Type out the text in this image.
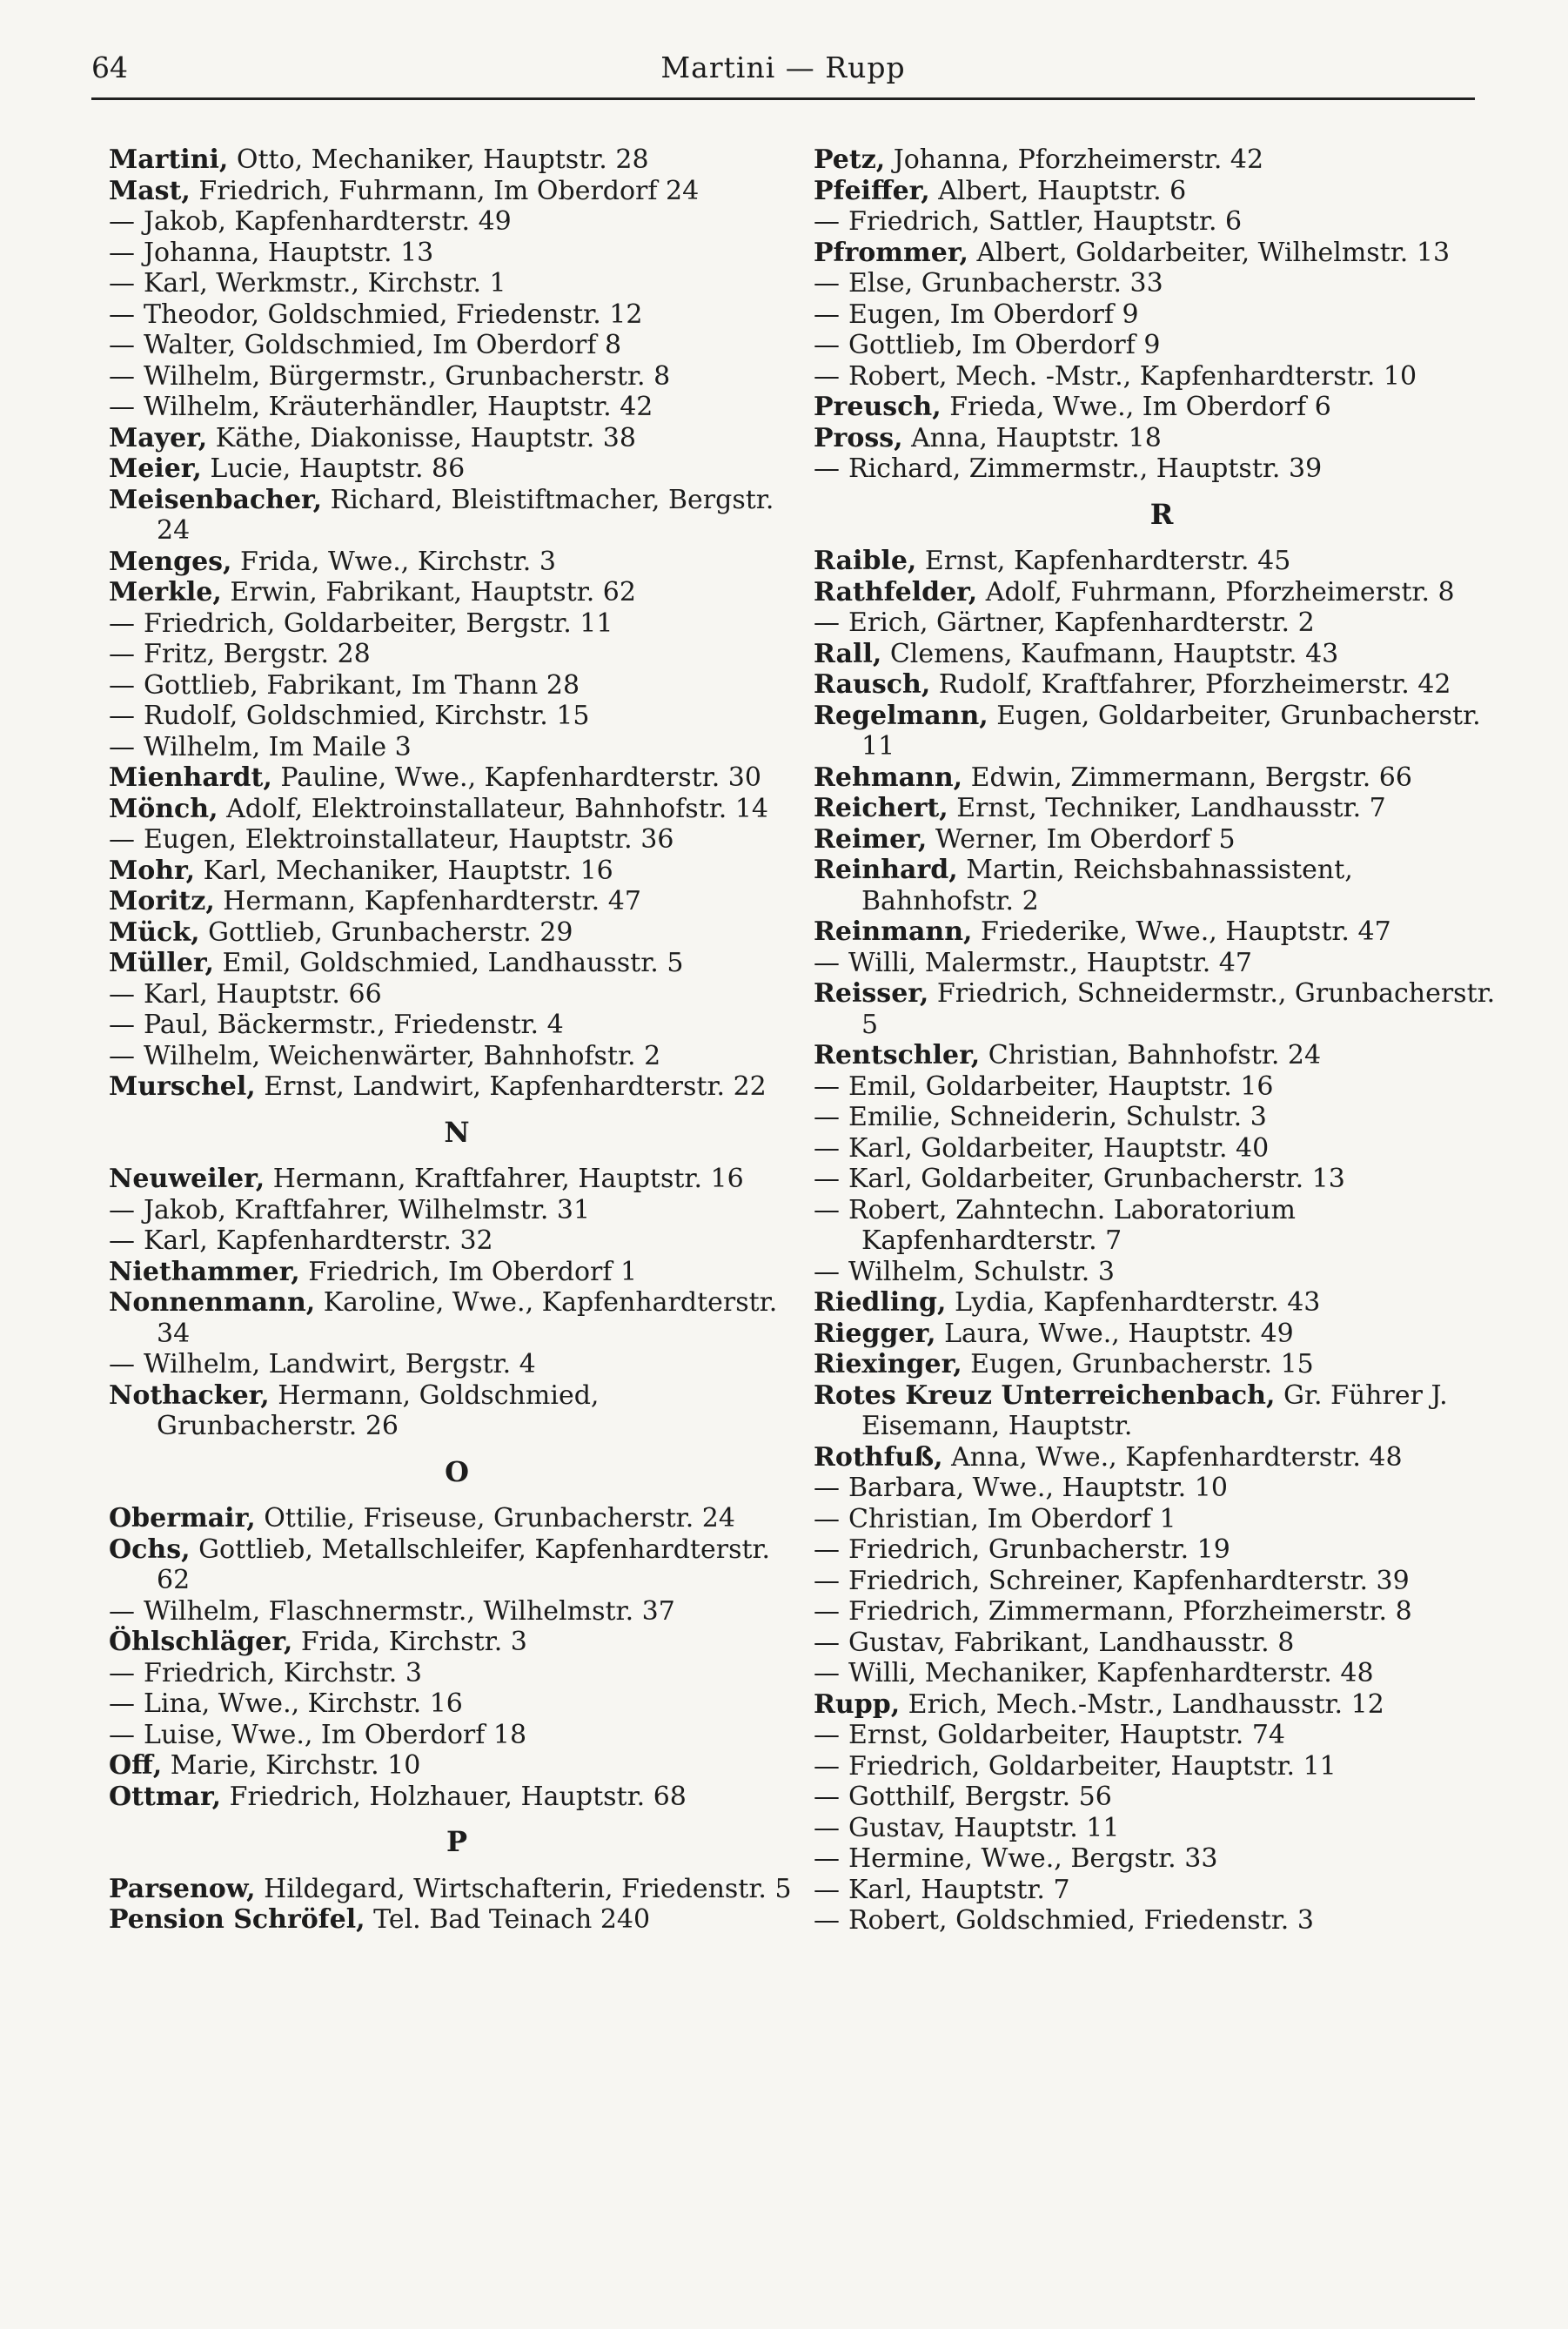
64	Martini — Rupp
Martini, Otto, Mechaniker, Hauptstr. 28
Mast, Friedrich, Fuhrmann, Im Oberdorf 24
— Jakob, Kapfenhardterstr. 49
— Johanna, Hauptstr. 13
— Karl, Werkmstr., Kirchstr. 1
— Theodor, Goldschmied, Friedenstr. 12
— Walter, Goldschmied, Im Oberdorf 8
— Wilhelm, Bürgermstr., Grunbacherstr. 8
— Wilhelm, Kräuterhändler, Hauptstr. 42
Mayer, Käthe, Diakonisse, Hauptstr. 38
Meier, Lucie, Hauptstr. 86
Meisenbacher, Richard, Bleistiftmacher, Bergstr. 24
Menges, Frida, Wwe., Kirchstr. 3
Merkle, Erwin, Fabrikant, Hauptstr. 62
— Friedrich, Goldarbeiter, Bergstr. 11
— Fritz, Bergstr. 28
— Gottlieb, Fabrikant, Im Thann 28
— Rudolf, Goldschmied, Kirchstr. 15
— Wilhelm, Im Maile 3
Mienhardt, Pauline, Wwe., Kapfenhardterstr. 30
Mönch, Adolf, Elektroinstallateur, Bahnhofstr. 14
— Eugen, Elektroinstallateur, Hauptstr. 36
Mohr, Karl, Mechaniker, Hauptstr. 16
Moritz, Hermann, Kapfenhardterstr. 47
Mück, Gottlieb, Grunbacherstr. 29
Müller, Emil, Goldschmied, Landhausstr. 5
— Karl, Hauptstr. 66
— Paul, Bäckermstr., Friedenstr. 4
— Wilhelm, Weichenwärter, Bahnhofstr. 2
Murschel, Ernst, Landwirt, Kapfenhardterstr. 22
N
Neuweiler, Hermann, Kraftfahrer, Hauptstr. 16
— Jakob, Kraftfahrer, Wilhelmstr. 31
— Karl, Kapfenhardterstr. 32
Niethammer, Friedrich, Im Oberdorf 1
Nonnenmann, Karoline, Wwe., Kapfenhardterstr. 34
— Wilhelm, Landwirt, Bergstr. 4
Nothacker, Hermann, Goldschmied, Grunbacherstr. 26
O
Obermair, Ottilie, Friseuse, Grunbacherstr. 24
Ochs, Gottlieb, Metallschleifer, Kapfenhardterstr. 62
— Wilhelm, Flaschnermstr., Wilhelmstr. 37
Öhlschläger, Frida, Kirchstr. 3
— Friedrich, Kirchstr. 3
— Lina, Wwe., Kirchstr. 16
— Luise, Wwe., Im Oberdorf 18
Off, Marie, Kirchstr. 10
Ottmar, Friedrich, Holzhauer, Hauptstr. 68
P
Parsenow, Hildegard, Wirtschafterin, Friedenstr. 5
Pension Schröfel, Tel. Bad Teinach 240
Petz, Johanna, Pforzheimerstr. 42
Pfeiffer, Albert, Hauptstr. 6
— Friedrich, Sattler, Hauptstr. 6
Pfrommer, Albert, Goldarbeiter, Wilhelmstr. 13
— Else, Grunbacherstr. 33
— Eugen, Im Oberdorf 9
— Gottlieb, Im Oberdorf 9
— Robert, Mech. -Mstr., Kapfenhardterstr. 10
Preusch, Frieda, Wwe., Im Oberdorf 6
Pross, Anna, Hauptstr. 18
— Richard, Zimmermstr., Hauptstr. 39
R
Raible, Ernst, Kapfenhardterstr. 45
Rathfelder, Adolf, Fuhrmann, Pforzheimerstr. 8
— Erich, Gärtner, Kapfenhardterstr. 2
Rall, Clemens, Kaufmann, Hauptstr. 43
Rausch, Rudolf, Kraftfahrer, Pforzheimerstr. 42
Regelmann, Eugen, Goldarbeiter, Grunbacherstr. 11
Rehmann, Edwin, Zimmermann, Bergstr. 66
Reichert, Ernst, Techniker, Landhausstr. 7
Reimer, Werner, Im Oberdorf 5
Reinhard, Martin, Reichsbahnassistent, Bahnhofstr. 2
Reinmann, Friederike, Wwe., Hauptstr. 47
— Willi, Malermstr., Hauptstr. 47
Reisser, Friedrich, Schneidermstr., Grunbacherstr. 5
Rentschler, Christian, Bahnhofstr. 24
— Emil, Goldarbeiter, Hauptstr. 16
— Emilie, Schneiderin, Schulstr. 3
— Karl, Goldarbeiter, Hauptstr. 40
— Karl, Goldarbeiter, Grunbacherstr. 13
— Robert, Zahntechn. Laboratorium Kapfenhardterstr. 7
— Wilhelm, Schulstr. 3
Riedling, Lydia, Kapfenhardterstr. 43
Riegger, Laura, Wwe., Hauptstr. 49
Riexinger, Eugen, Grunbacherstr. 15
Rotes Kreuz Unterreichenbach, Gr. Führer J. Eisemann, Hauptstr.
Rothfuß, Anna, Wwe., Kapfenhardterstr. 48
— Barbara, Wwe., Hauptstr. 10
— Christian, Im Oberdorf 1
— Friedrich, Grunbacherstr. 19
— Friedrich, Schreiner, Kapfenhardterstr. 39
— Friedrich, Zimmermann, Pforzheimerstr. 8
— Gustav, Fabrikant, Landhausstr. 8
— Willi, Mechaniker, Kapfenhardterstr. 48
Rupp, Erich, Mech.-Mstr., Landhausstr. 12
— Ernst, Goldarbeiter, Hauptstr. 74
— Friedrich, Goldarbeiter, Hauptstr. 11
— Gotthilf, Bergstr. 56
— Gustav, Hauptstr. 11
— Hermine, Wwe., Bergstr. 33
— Karl, Hauptstr. 7
— Robert, Goldschmied, Friedenstr. 3
